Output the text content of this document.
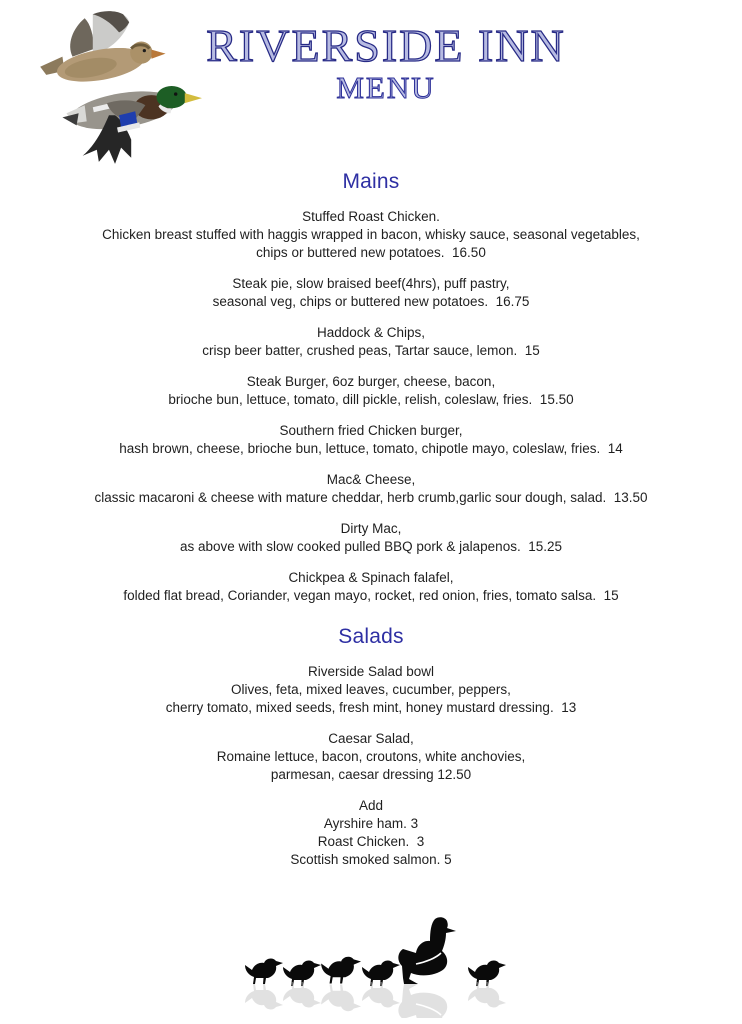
RIVERSIDE INN
MENU
Mains
Stuffed Roast Chicken.
Chicken breast stuffed with haggis wrapped in bacon, whisky sauce, seasonal vegetables,
chips or buttered new potatoes.  16.50
Steak pie, slow braised beef(4hrs), puff pastry,
seasonal veg, chips or buttered new potatoes.  16.75
Haddock & Chips,
crisp beer batter, crushed peas, Tartar sauce, lemon.  15
Steak Burger, 6oz burger, cheese, bacon,
brioche bun, lettuce, tomato, dill pickle, relish, coleslaw, fries.  15.50
Southern fried Chicken burger,
hash brown, cheese, brioche bun, lettuce, tomato, chipotle mayo, coleslaw, fries.  14
Mac& Cheese,
classic macaroni & cheese with mature cheddar, herb crumb,garlic sour dough, salad.  13.50
Dirty Mac,
as above with slow cooked pulled BBQ pork & jalapenos.  15.25
Chickpea & Spinach falafel,
folded flat bread, Coriander, vegan mayo, rocket, red onion, fries, tomato salsa.  15
Salads
Riverside Salad bowl
Olives, feta, mixed leaves, cucumber, peppers,
cherry tomato, mixed seeds, fresh mint, honey mustard dressing.  13
Caesar Salad,
Romaine lettuce, bacon, croutons, white anchovies,
parmesan, caesar dressing 12.50
Add
Ayrshire ham. 3
Roast Chicken.  3
Scottish smoked salmon. 5
